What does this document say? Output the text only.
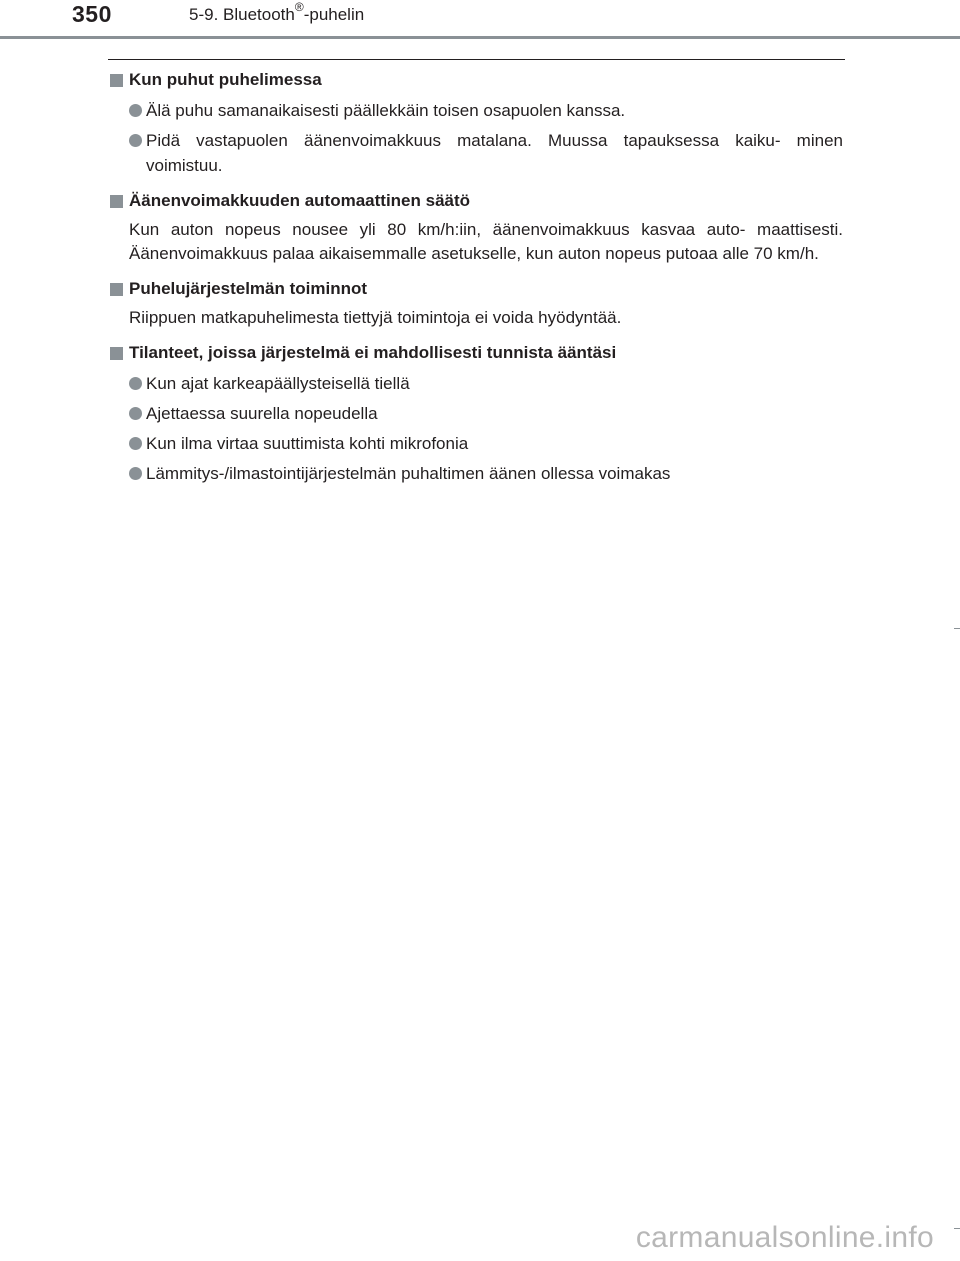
350	5-9. Bluetooth®-puhelin
Kun puhut puhelimessa
Älä puhu samanaikaisesti päällekkäin toisen osapuolen kanssa.
Pidä vastapuolen äänenvoimakkuus matalana. Muussa tapauksessa kaiku- minen voimistuu.
Äänenvoimakkuuden automaattinen säätö
Kun auton nopeus nousee yli 80 km/h:iin, äänenvoimakkuus kasvaa auto- maattisesti. Äänenvoimakkuus palaa aikaisemmalle asetukselle, kun auton nopeus putoaa alle 70 km/h.
Puhelujärjestelmän toiminnot
Riippuen matkapuhelimesta tiettyjä toimintoja ei voida hyödyntää.
Tilanteet, joissa järjestelmä ei mahdollisesti tunnista ääntäsi
Kun ajat karkeapäällysteisellä tiellä
Ajettaessa suurella nopeudella
Kun ilma virtaa suuttimista kohti mikrofonia
Lämmitys-/ilmastointijärjestelmän puhaltimen äänen ollessa voimakas
carmanualsonline.info
